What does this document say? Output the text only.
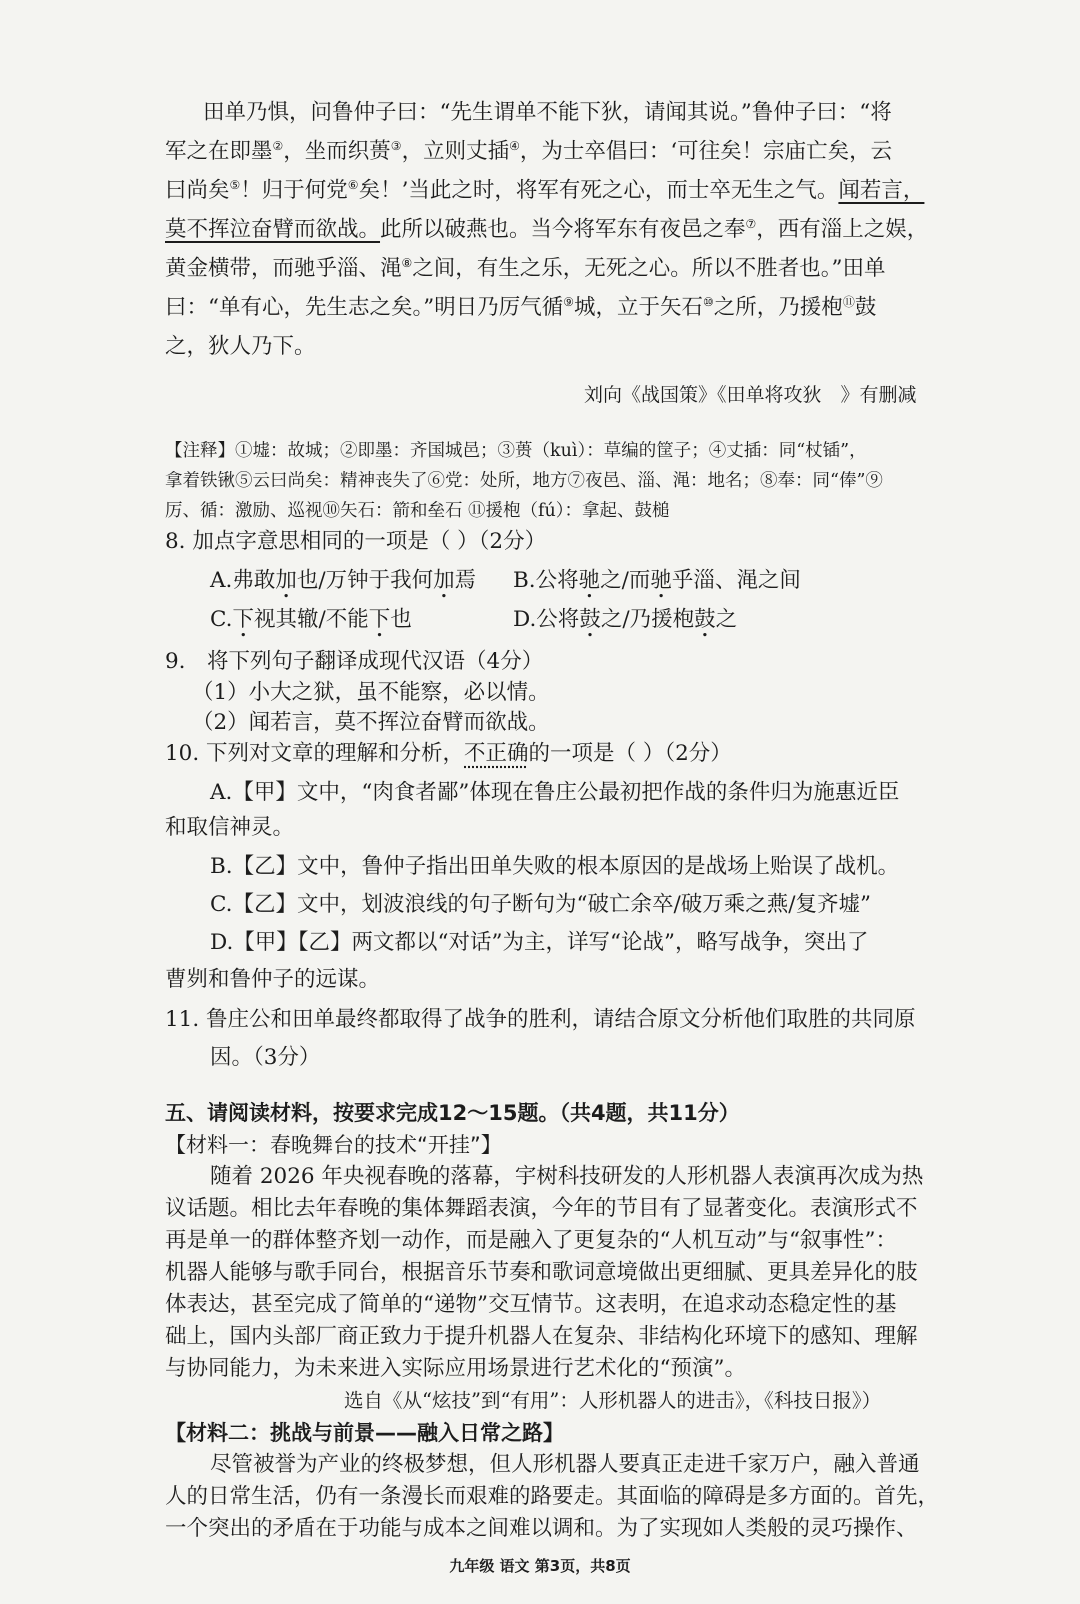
田单乃惧，问鲁仲子曰：“先生谓单不能下狄，请闻其说。”鲁仲子曰：“将
军之在即墨②，坐而织蒉③，立则丈插④，为士卒倡曰：‘可往矣！宗庙亡矣，云
曰尚矣⑤！归于何党⑥矣！’当此之时，将军有死之心，而士卒无生之气。闻若言，
莫不挥泣奋臂而欲战。此所以破燕也。当今将军东有夜邑之奉⑦，西有淄上之娱，
黄金横带，而驰乎淄、渑⑧之间，有生之乐，无死之心。所以不胜者也。”田单
曰：“单有心，先生志之矣。”明日乃厉气循⑨城，立于矢石⑩之所，乃援枹⑪鼓
之，狄人乃下。
刘向《战国策》《田单将攻狄　》有删减
【注释】①墟：故城；②即墨：齐国城邑；③蒉（kuì）：草编的筐子；④丈插：同“杖锸”，
拿着铁锹⑤云曰尚矣：精神丧失了⑥党：处所，地方⑦夜邑、淄、渑：地名；⑧奉：同“俸”⑨
厉、循：激励、巡视⑩矢石：箭和垒石 ⑪援枹（fú）：拿起、鼓槌
8. 加点字意思相同的一项是（ ）（2分）
A.弗敢加也/万钟于我何加焉 B.公将驰之/而驰乎淄、渑之间
C.下视其辙/不能下也	D.公将鼓之/乃援枹鼓之
9.　将下列句子翻译成现代汉语（4分）
（1）小大之狱，虽不能察，必以情。
（2）闻若言，莫不挥泣奋臂而欲战。
10. 下列对文章的理解和分析，不正确的一项是（ ）（2分）
A.【甲】文中，“肉食者鄙”体现在鲁庄公最初把作战的条件归为施惠近臣
和取信神灵。
B.【乙】文中，鲁仲子指出田单失败的根本原因的是战场上贻误了战机。
C.【乙】文中，划波浪线的句子断句为“破亡余卒/破万乘之燕/复齐墟”
D.【甲】【乙】两文都以“对话”为主，详写“论战”，略写战争，突出了
曹刿和鲁仲子的远谋。
11. 鲁庄公和田单最终都取得了战争的胜利，请结合原文分析他们取胜的共同原
因。（3分）
五、请阅读材料，按要求完成12～15题。（共4题，共11分）
【材料一：春晚舞台的技术“开挂”】
随着 2026 年央视春晚的落幕，宇树科技研发的人形机器人表演再次成为热
议话题。相比去年春晚的集体舞蹈表演，今年的节目有了显著变化。表演形式不
再是单一的群体整齐划一动作，而是融入了更复杂的“人机互动”与“叙事性”：
机器人能够与歌手同台，根据音乐节奏和歌词意境做出更细腻、更具差异化的肢
体表达，甚至完成了简单的“递物”交互情节。这表明，在追求动态稳定性的基
础上，国内头部厂商正致力于提升机器人在复杂、非结构化环境下的感知、理解
与协同能力，为未来进入实际应用场景进行艺术化的“预演”。
选自《从“炫技”到“有用”：人形机器人的进击》，《科技日报》）
【材料二：挑战与前景——融入日常之路】
尽管被誉为产业的终极梦想，但人形机器人要真正走进千家万户，融入普通
人的日常生活，仍有一条漫长而艰难的路要走。其面临的障碍是多方面的。首先，
一个突出的矛盾在于功能与成本之间难以调和。为了实现如人类般的灵巧操作、
九年级 语文 第3页，共8页
